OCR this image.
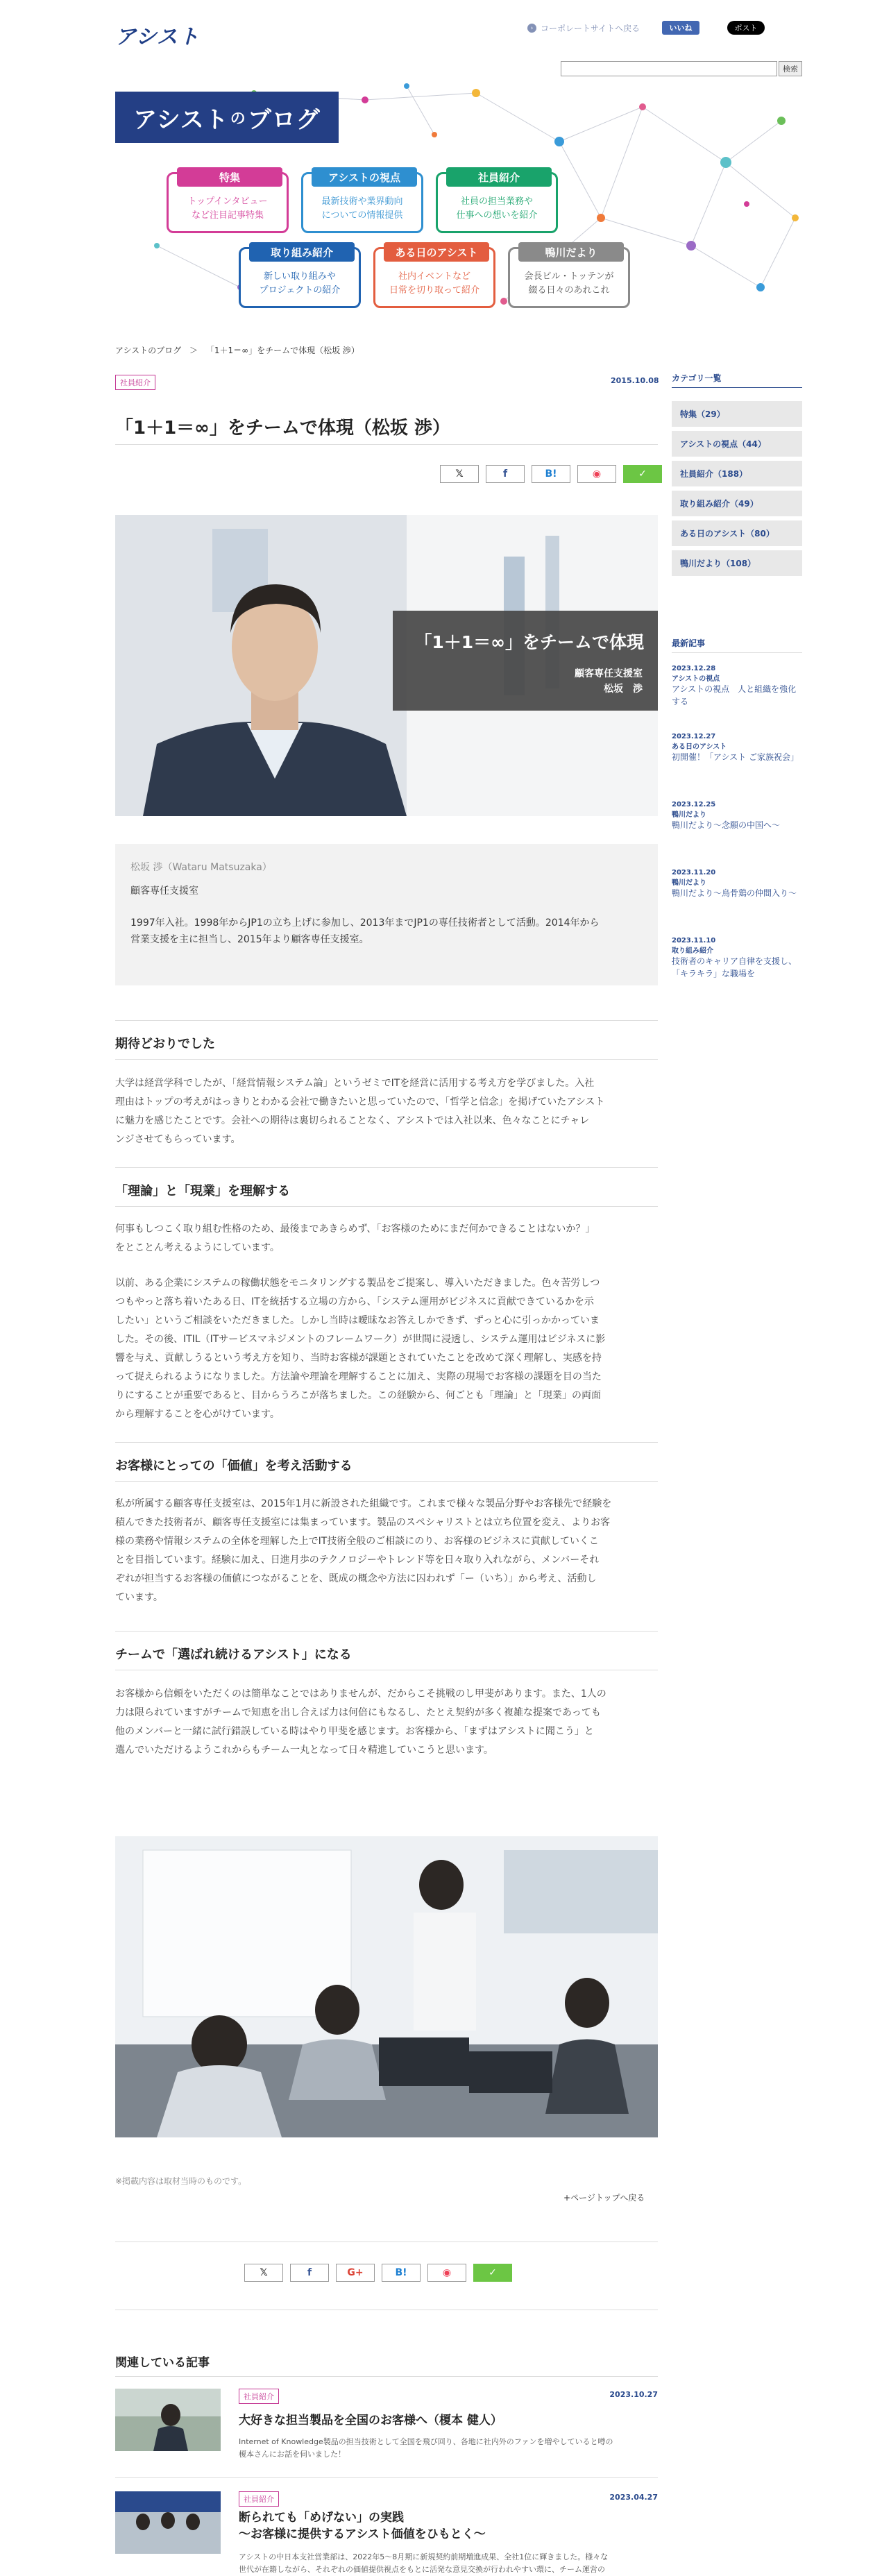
アシスト	› コーポレートサイトへ戻る	いいね	ポスト
検索
アシスト の ブログ
特集
トップインタビュー
など注目記事特集
アシストの視点
最新技術や業界動向
についての情報提供
社員紹介
社員の担当業務や
仕事への想いを紹介
取り組み紹介
新しい取り組みや
プロジェクトの紹介
ある日のアシスト
社内イベントなど
日常を切り取って紹介
鴨川だより
会長ビル・トッテンが
綴る日々のあれこれ
アシストのブログ ＞ 「1＋1＝∞」をチームで体現（松坂 渉）
社員紹介	2015.10.08
「1＋1＝∞」をチームで体現（松坂 渉）
𝕏	f	B!	◉	✓
「1＋1＝∞」をチームで体現
顧客専任支援室
松坂　渉
松坂 渉（Wataru Matsuzaka）
顧客専任支援室
1997年入社。1998年からJP1の立ち上げに参加し、2013年までJP1の専任技術者として活動。2014年から
営業支援を主に担当し、2015年より顧客専任支援室。
期待どおりでした
大学は経営学科でしたが、「経営情報システム論」というゼミでITを経営に活用する考え方を学びました。入社
理由はトップの考えがはっきりとわかる会社で働きたいと思っていたので、「哲学と信念」を掲げていたアシスト
に魅力を感じたことです。会社への期待は裏切られることなく、アシストでは入社以来、色々なことにチャレ
ンジさせてもらっています。
「理論」と「現業」を理解する
何事もしつこく取り組む性格のため、最後まであきらめず、「お客様のためにまだ何かできることはないか？」
をとことん考えるようにしています。
以前、ある企業にシステムの稼働状態をモニタリングする製品をご提案し、導入いただきました。色々苦労しつ
つもやっと落ち着いたある日、ITを統括する立場の方から、「システム運用がビジネスに貢献できているかを示
したい」というご相談をいただきました。しかし当時は曖昧なお答えしかできず、ずっと心に引っかかっていま
した。その後、ITIL（ITサービスマネジメントのフレームワーク）が世間に浸透し、システム運用はビジネスに影
響を与え、貢献しうるという考え方を知り、当時お客様が課題とされていたことを改めて深く理解し、実感を持
って捉えられるようになりました。方法論や理論を理解することに加え、実際の現場でお客様の課題を目の当た
りにすることが重要であると、目からうろこが落ちました。この経験から、何ごとも「理論」と「現業」の両面
から理解することを心がけています。
お客様にとっての「価値」を考え活動する
私が所属する顧客専任支援室は、2015年1月に新設された組織です。これまで様々な製品分野やお客様先で経験を
積んできた技術者が、顧客専任支援室には集まっています。製品のスペシャリストとは立ち位置を変え、よりお客
様の業務や情報システムの全体を理解した上でIT技術全般のご相談にのり、お客様のビジネスに貢献していくこ
とを目指しています。経験に加え、日進月歩のテクノロジーやトレンド等を日々取り入れながら、メンバーそれ
ぞれが担当するお客様の価値につながることを、既成の概念や方法に囚われず「ー（いち）」から考え、活動し
ています。
チームで「選ばれ続けるアシスト」になる
お客様から信頼をいただくのは簡単なことではありませんが、だからこそ挑戦のし甲斐があります。また、1人の
力は限られていますがチームで知恵を出し合えば力は何倍にもなるし、たとえ契約が多く複雑な提案であっても
他のメンバーと一緒に試行錯誤している時はやり甲斐を感じます。お客様から、「まずはアシストに聞こう」と
選んでいただけるようこれからもチーム一丸となって日々精進していこうと思います。
※掲載内容は取材当時のものです。
+ページトップへ戻る
𝕏	f	G+	B!	◉	✓
関連している記事
社員紹介	2023.10.27
大好きな担当製品を全国のお客様へ（榎本 健人）
Internet of Knowledge製品の担当技術として全国を飛び回り、各地に社内外のファンを増やしていると噂の
榎本さんにお話を伺いました！
社員紹介	2023.04.27
断られても「めげない」の実践
〜お客様に提供するアシスト価値をひもとく〜
アシストの中日本支社営業部は、2022年5〜8月期に新規契約前期増進成果、全社1位に輝きました。様々な
世代が在籍しながら、それぞれの価値提供視点をもとに活発な意見交換が行われやすい環に、チーム運営の
カテゴリ一覧
特集（29）
アシストの視点（44）
社員紹介（188）
取り組み紹介（49）
ある日のアシスト（80）
鴨川だより（108）
最新記事
2023.12.28
アシストの視点
アシストの視点　人と組織を強化する
2023.12.27
ある日のアシスト
初開催！「アシスト ご家族祝会」
2023.12.25
鴨川だより
鴨川だより〜念願の中国へ〜
2023.11.20
鴨川だより
鴨川だより〜烏骨鶏の仲間入り〜
2023.11.10
取り組み紹介
技術者のキャリア自律を支援し、「キラキラ」な職場を
